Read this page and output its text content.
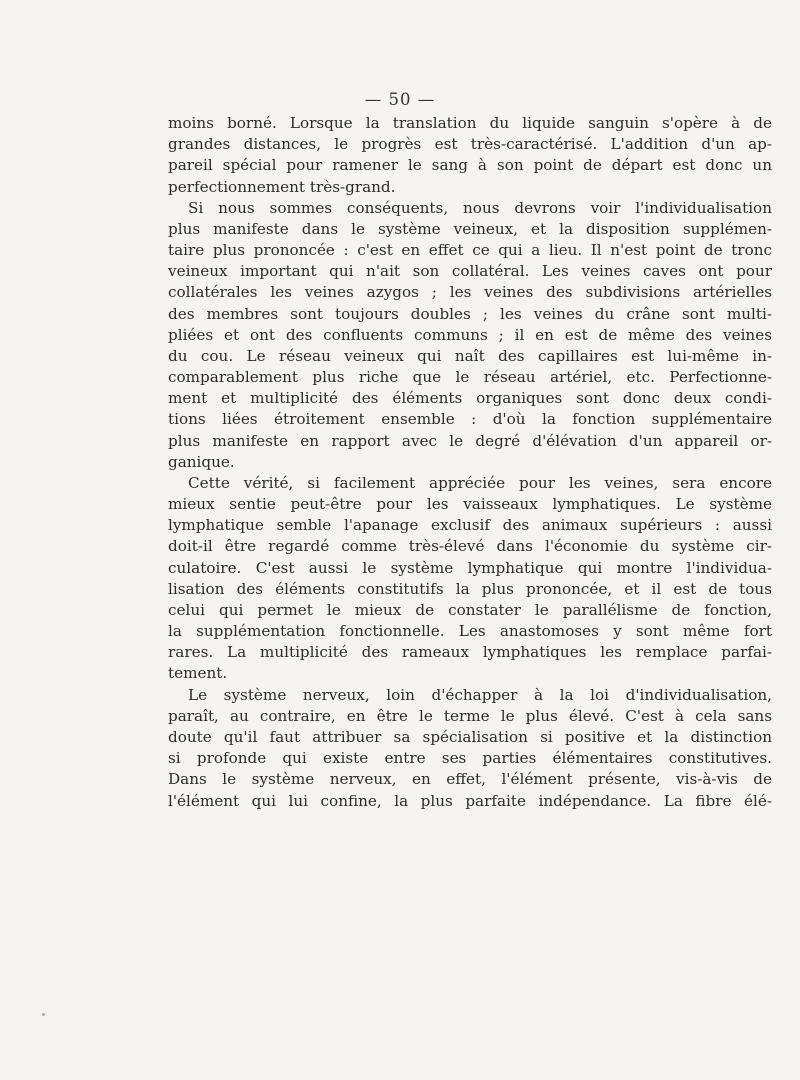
— 50 —
moins borné. Lorsque la translation du liquide sanguin s'opère à de
grandes distances, le progrès est très-caractérisé. L'addition d'un ap-
pareil spécial pour ramener le sang à son point de départ est donc un
perfectionnement très-grand.
Si nous sommes conséquents, nous devrons voir l'individualisation
plus manifeste dans le système veineux, et la disposition supplémen-
taire plus prononcée : c'est en effet ce qui a lieu. Il n'est point de tronc
veineux important qui n'ait son collatéral. Les veines caves ont pour
collatérales les veines azygos ; les veines des subdivisions artérielles
des membres sont toujours doubles ; les veines du crâne sont multi-
pliées et ont des confluents communs ; il en est de même des veines
du cou. Le réseau veineux qui naît des capillaires est lui-même in-
comparablement plus riche que le réseau artériel, etc. Perfectionne-
ment et multiplicité des éléments organiques sont donc deux condi-
tions liées étroitement ensemble : d'où la fonction supplémentaire
plus manifeste en rapport avec le degré d'élévation d'un appareil or-
ganique.
Cette vérité, si facilement appréciée pour les veines, sera encore
mieux sentie peut-être pour les vaisseaux lymphatiques. Le système
lymphatique semble l'apanage exclusif des animaux supérieurs : aussi
doit-il être regardé comme très-élevé dans l'économie du système cir-
culatoire. C'est aussi le système lymphatique qui montre l'individua-
lisation des éléments constitutifs la plus prononcée, et il est de tous
celui qui permet le mieux de constater le parallélisme de fonction,
la supplémentation fonctionnelle. Les anastomoses y sont même fort
rares. La multiplicité des rameaux lymphatiques les remplace parfai-
tement.
Le système nerveux, loin d'échapper à la loi d'individualisation,
paraît, au contraire, en être le terme le plus élevé. C'est à cela sans
doute qu'il faut attribuer sa spécialisation si positive et la distinction
si profonde qui existe entre ses parties élémentaires constitutives.
Dans le système nerveux, en effet, l'élément présente, vis-à-vis de
l'élément qui lui confine, la plus parfaite indépendance. La fibre élé-
